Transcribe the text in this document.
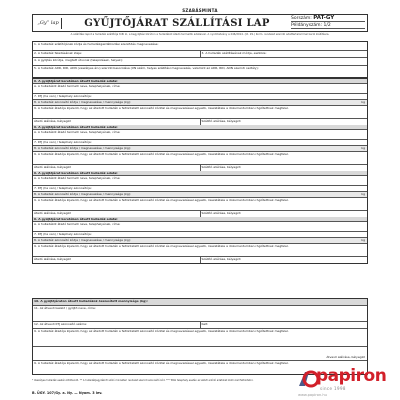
SZABÁSMINTA
„Gy” lap	GYŰJTŐJÁRAT SZÁLLÍTÁSI LAP	Sorszám: PAT-GY
Példányszám: 1/2
A szállítási lapot a hulladék szállítója tölti ki, a begyűjtési körúton a hulladékot átadó termelők adataival. A nyomtatvány a 246/2014. (IX. 29.) Korm. rendelet szerinti adattartalommal kerül kiállításra.
1. A hulladék szállítójának kódja és hulladékgazdálkodási szerződés megnevezése:
2. A hulladék feladásának ideje:	3. A hulladék szállításának módja, eszköze:
4. A gyűjtés körútja, megtett útvonal (települések, helyek):
5. A hulladék ADR, RID, ADN (veszélyes áru) szerinti besorolása (UN szám, helyes szállítási megnevezés, valamint az ADR, RID, ADN szerinti osztály):
6. A gyűjtőjárat keretében átvett hulladék adatai
A. A hulladékot átadó termelő neve, telephelyének, címe:
7. KTJ (ha van) / telephely azonosítója:
8. A hulladék azonosító kódja / megnevezése / mennyisége (kg):	kg
9. A hulladék átadója kijelenti, hogy az átadott hulladék a feltüntetett azonosító kóddal és megnevezéssel egyezik, összetétele a dokumentumban rögzítettnek megfelel.
Átadó aláírása, bélyegző	Szállító aláírása, bélyegző
6. A gyűjtőjárat keretében átvett hulladék adatai
A. A hulladékot átadó termelő neve, telephelyének, címe:
7. KTJ (ha van) / telephely azonosítója:
8. A hulladék azonosító kódja / megnevezése / mennyisége (kg):	kg
9. A hulladék átadója kijelenti, hogy az átadott hulladék a feltüntetett azonosító kóddal és megnevezéssel egyezik, összetétele a dokumentumban rögzítettnek megfelel.
Átadó aláírása, bélyegző	Szállító aláírása, bélyegző
6. A gyűjtőjárat keretében átvett hulladék adatai
A. A hulladékot átadó termelő neve, telephelyének, címe:
7. KTJ (ha van) / telephely azonosítója:
8. A hulladék azonosító kódja / megnevezése / mennyisége (kg):	kg
9. A hulladék átadója kijelenti, hogy az átadott hulladék a feltüntetett azonosító kóddal és megnevezéssel egyezik, összetétele a dokumentumban rögzítettnek megfelel.
Átadó aláírása, bélyegző	Szállító aláírása, bélyegző
6. A gyűjtőjárat keretében átvett hulladék adatai
A. A hulladékot átadó termelő neve, telephelyének, címe:
7. KTJ (ha van) / telephely azonosítója:
8. A hulladék azonosító kódja / megnevezése / mennyisége (kg):	kg
9. A hulladék átadója kijelenti, hogy az átadott hulladék a feltüntetett azonosító kóddal és megnevezéssel egyezik, összetétele a dokumentumban rögzítettnek megfelel.
Átadó aláírása, bélyegző	Szállító aláírása, bélyegző
10. A gyűjtőjáraton átvett hulladékok összesített mennyisége (kg):
11. Az átvevő kezelő / gyűjtő neve, címe:
12. Az átvevő KTJ azonosító száma:	Kelt:
9. A hulladék átadója kijelenti, hogy az átadott hulladék a feltüntetett azonosító kóddal és megnevezéssel egyezik, összetétele a dokumentumban rögzítettnek megfelel.
Átvevő aláírása, bélyegző
9. A hulladék átadója kijelenti, hogy az átadott hulladék a feltüntetett azonosító kóddal és megnevezéssel egyezik, összetétele a dokumentumban rögzítettnek megfelel.
* Veszélyes hulladék esetén kitöltendő. ** A hulladékjegyzékről szóló miniszteri rendelet szerinti azonosító kód. *** Több telephely esetén az ebből adódó adatokat külön kell feltüntetni.
B. ÜGY. 107/Gy. a. Ny. — Nyom. 3 lev.
papiron
since 1998
www.papiron.hu
